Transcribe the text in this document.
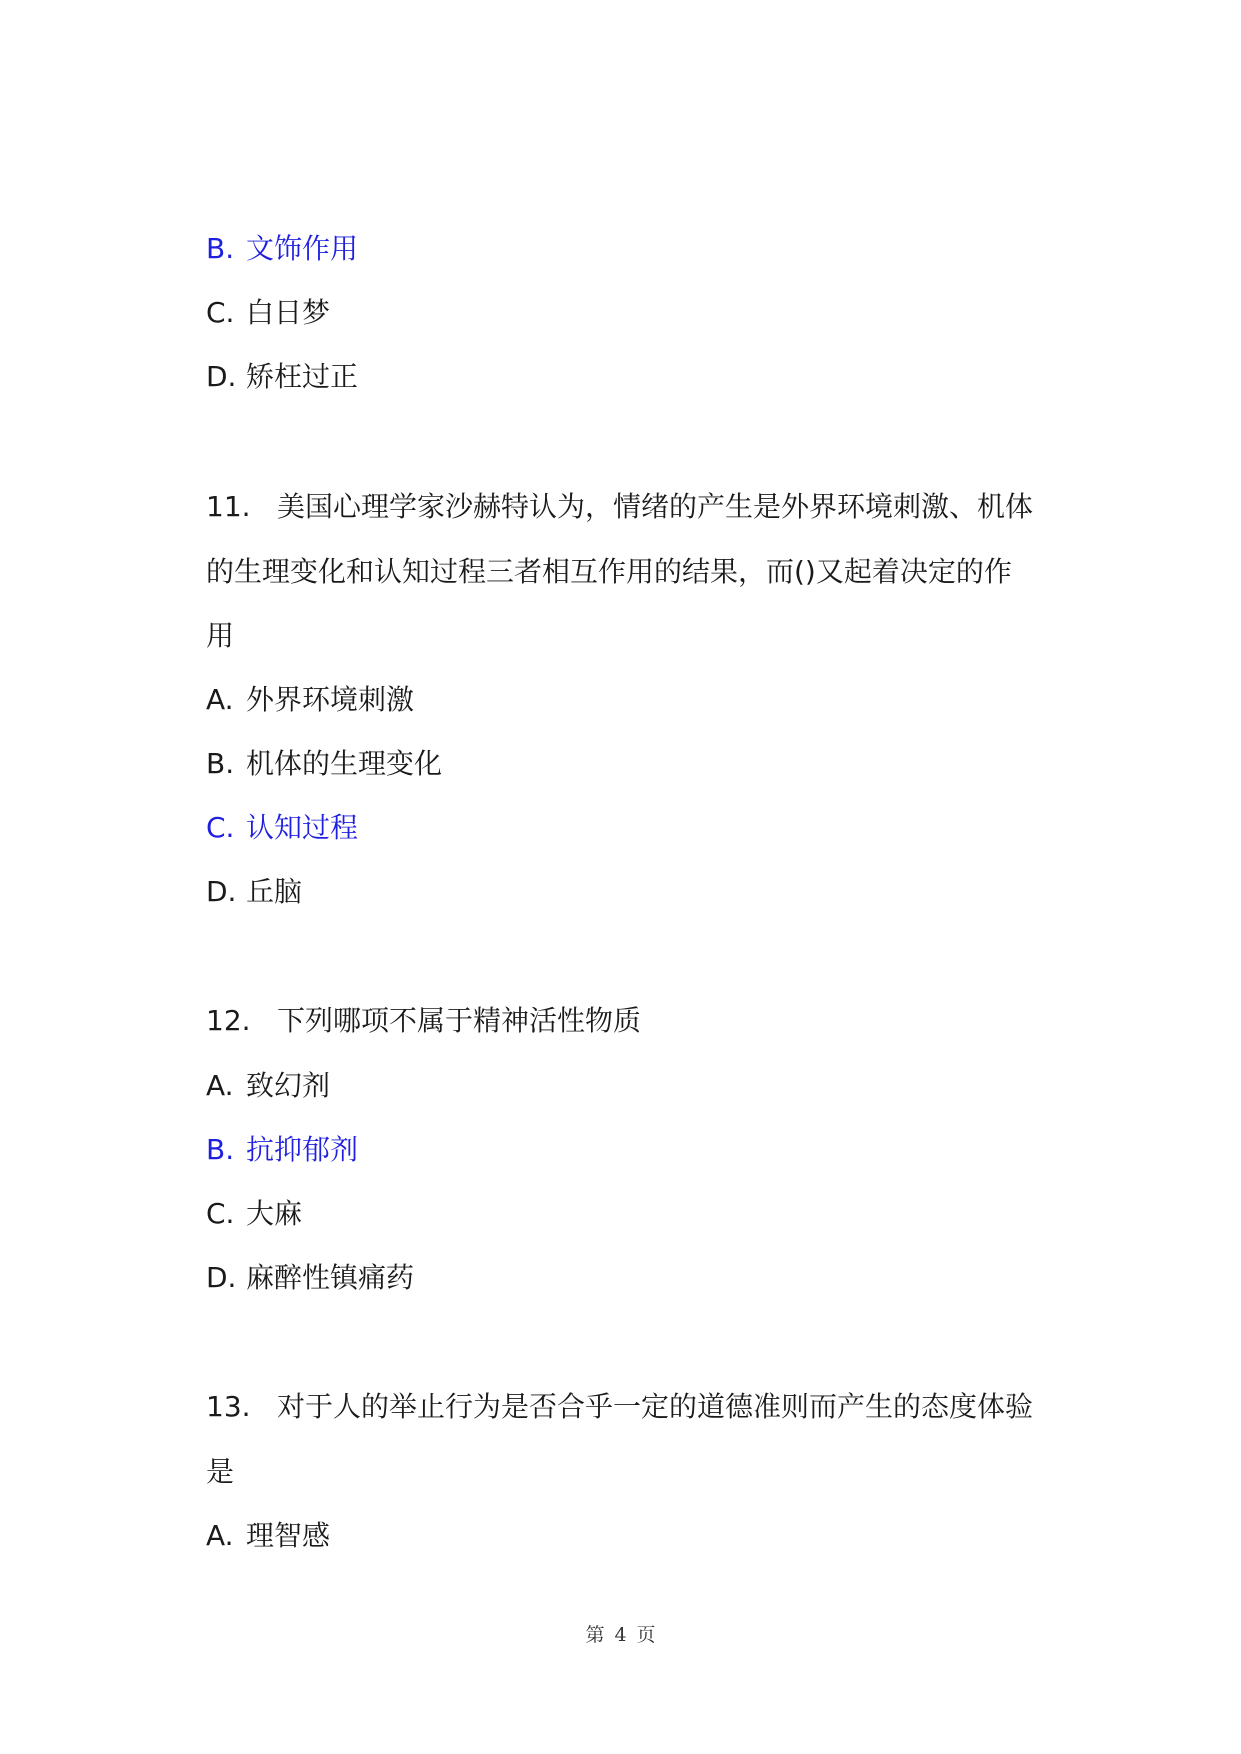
B. 文饰作用
C. 白日梦
D. 矫枉过正
11. 美国心理学家沙赫特认为，情绪的产生是外界环境刺激、机体
的生理变化和认知过程三者相互作用的结果，而()又起着决定的作
用
A. 外界环境刺激
B. 机体的生理变化
C. 认知过程
D. 丘脑
12. 下列哪项不属于精神活性物质
A. 致幻剂
B. 抗抑郁剂
C. 大麻
D. 麻醉性镇痛药
13. 对于人的举止行为是否合乎一定的道德准则而产生的态度体验
是
A. 理智感
第 4 页
